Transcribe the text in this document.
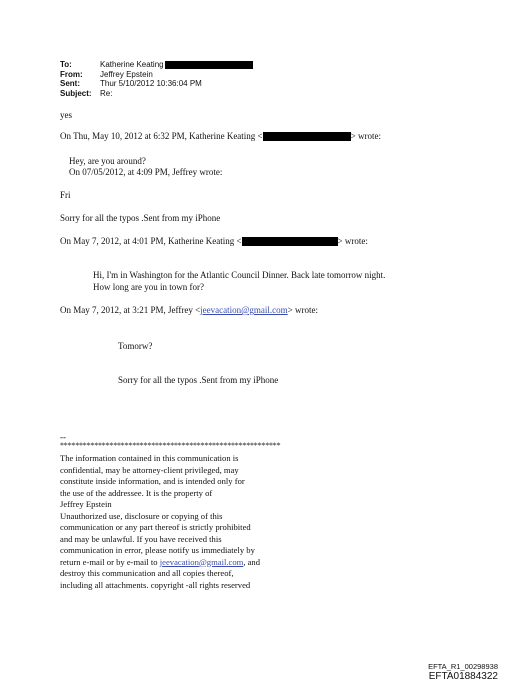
To:	Katherine Keating
From: Jeffrey Epstein
Sent:	Thur 5/10/2012 10:36:04 PM
Subject: Re:
yes
On Thu, May 10, 2012 at 6:32 PM, Katherine Keating <	> wrote:
Hey, are you around?
On 07/05/2012, at 4:09 PM, Jeffrey wrote:
Fri
Sorry for all the typos .Sent from my iPhone
On May 7, 2012, at 4:01 PM, Katherine Keating <	> wrote:
Hi, I'm in Washington for the Atlantic Council Dinner. Back late tomorrow night.
How long are you in town for?
On May 7, 2012, at 3:21 PM, Jeffrey <jeevacation@gmail.com> wrote:
Tomorw?
Sorry for all the typos .Sent from my iPhone
--
**********************************************************
The information contained in this communication is
confidential, may be attorney-client privileged, may
constitute inside information, and is intended only for
the use of the addressee. It is the property of
Jeffrey Epstein
Unauthorized use, disclosure or copying of this
communication or any part thereof is strictly prohibited
and may be unlawful. If you have received this
communication in error, please notify us immediately by
return e-mail or by e-mail to jeevacation@gmail.com, and
destroy this communication and all copies thereof,
including all attachments. copyright -all rights reserved
EFTA_R1_00298938
EFTA01884322
